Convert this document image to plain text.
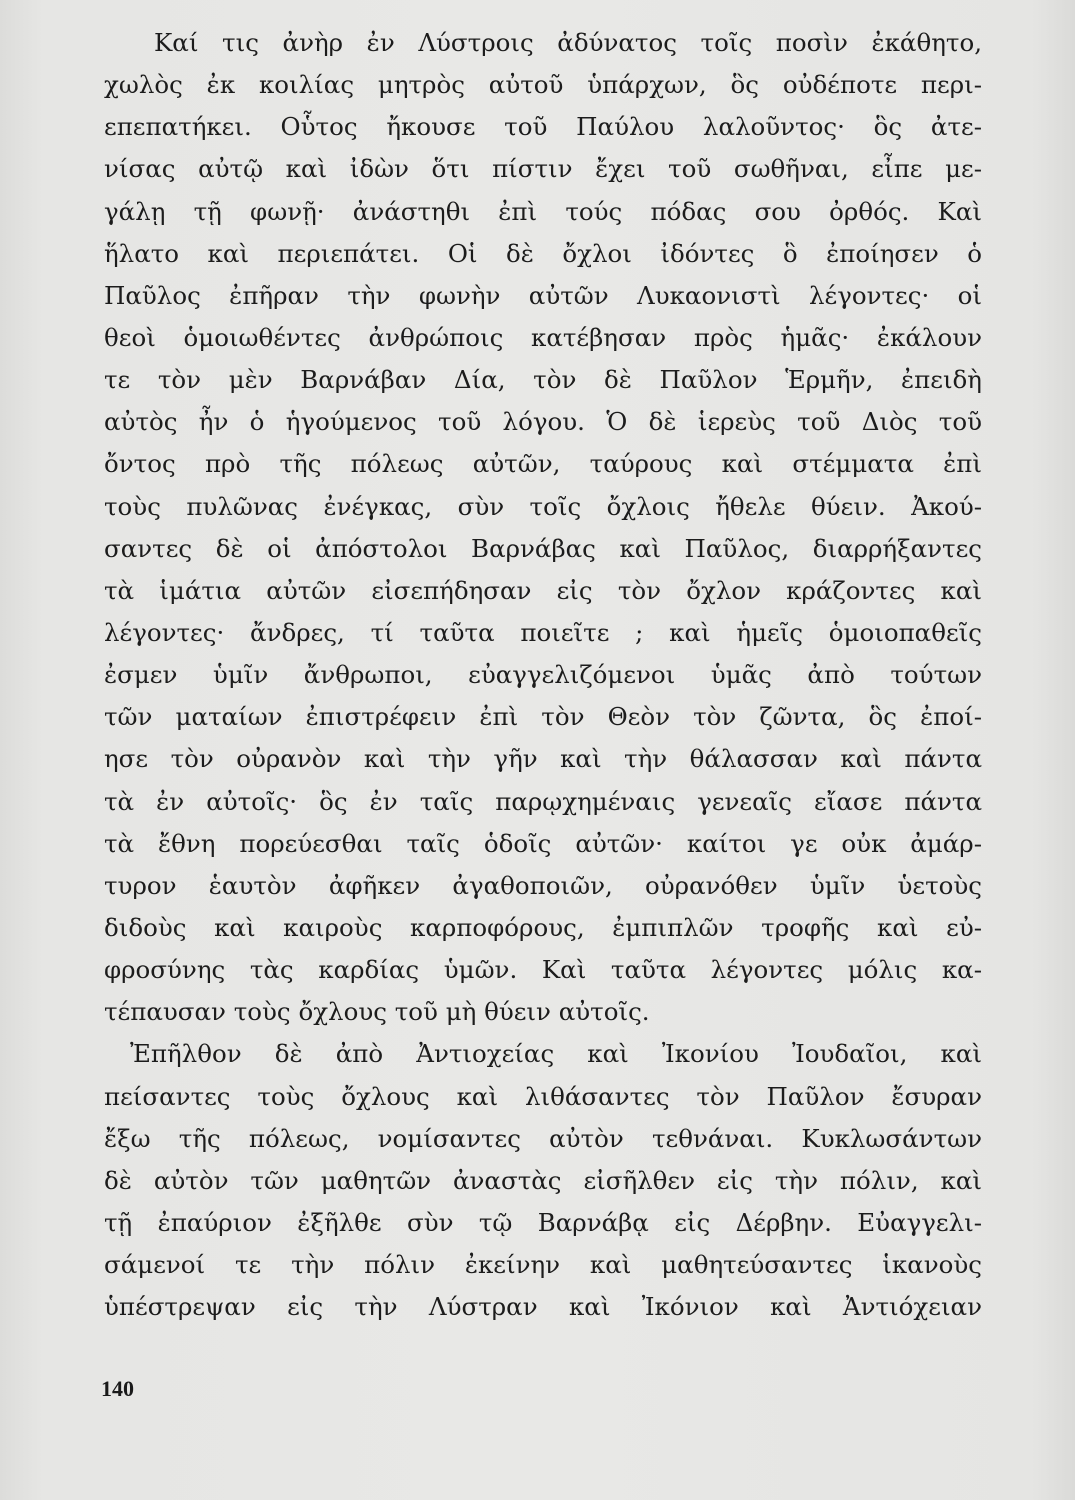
Καί τις ἀνὴρ ἐν Λύστροις ἀδύνατος τοῖς ποσὶν ἐκάθητο,
χωλὸς ἐκ κοιλίας μητρὸς αὐτοῦ ὑπάρχων, ὃς οὐδέποτε περι-
επεπατήκει. Οὗτος ἤκουσε τοῦ Παύλου λαλοῦντος· ὃς ἀτε-
νίσας αὐτῷ καὶ ἰδὼν ὅτι πίστιν ἔχει τοῦ σωθῆναι, εἶπε με-
γάλῃ τῇ φωνῇ· ἀνάστηθι ἐπὶ τούς πόδας σου ὀρθός. Καὶ
ἥλατο καὶ περιεπάτει. Οἱ δὲ ὄχλοι ἰδόντες ὃ ἐποίησεν ὁ
Παῦλος ἐπῆραν τὴν φωνὴν αὐτῶν Λυκαονιστὶ λέγοντες· οἱ
θεοὶ ὁμοιωθέντες ἀνθρώποις κατέβησαν πρὸς ἡμᾶς· ἐκάλουν
τε τὸν μὲν Βαρνάβαν Δία, τὸν δὲ Παῦλον Ἑρμῆν, ἐπειδὴ
αὐτὸς ἦν ὁ ἡγούμενος τοῦ λόγου. Ὁ δὲ ἱερεὺς τοῦ Διὸς τοῦ
ὄντος πρὸ τῆς πόλεως αὐτῶν, ταύρους καὶ στέμματα ἐπὶ
τοὺς πυλῶνας ἐνέγκας, σὺν τοῖς ὄχλοις ἤθελε θύειν. Ἀκού-
σαντες δὲ οἱ ἀπόστολοι Βαρνάβας καὶ Παῦλος, διαρρήξαντες
τὰ ἱμάτια αὐτῶν εἰσεπήδησαν εἰς τὸν ὄχλον κράζοντες καὶ
λέγοντες· ἄνδρες, τί ταῦτα ποιεῖτε ; καὶ ἡμεῖς ὁμοιοπαθεῖς
ἐσμεν ὑμῖν ἄνθρωποι, εὐαγγελιζόμενοι ὑμᾶς ἀπὸ τούτων
τῶν ματαίων ἐπιστρέφειν ἐπὶ τὸν Θεὸν τὸν ζῶντα, ὃς ἐποί-
ησε τὸν οὐρανὸν καὶ τὴν γῆν καὶ τὴν θάλασσαν καὶ πάντα
τὰ ἐν αὐτοῖς· ὃς ἐν ταῖς παρῳχημέναις γενεαῖς εἴασε πάντα
τὰ ἔθνη πορεύεσθαι ταῖς ὁδοῖς αὐτῶν· καίτοι γε οὐκ ἀμάρ-
τυρον ἑαυτὸν ἀφῆκεν ἀγαθοποιῶν, οὐρανόθεν ὑμῖν ὑετοὺς
διδοὺς καὶ καιροὺς καρποφόρους, ἐμπιπλῶν τροφῆς καὶ εὐ-
φροσύνης τὰς καρδίας ὑμῶν. Καὶ ταῦτα λέγοντες μόλις κα-
τέπαυσαν τοὺς ὄχλους τοῦ μὴ θύειν αὐτοῖς.
Ἐπῆλθον δὲ ἀπὸ Ἀντιοχείας καὶ Ἰκονίου Ἰουδαῖοι, καὶ
πείσαντες τοὺς ὄχλους καὶ λιθάσαντες τὸν Παῦλον ἔσυραν
ἔξω τῆς πόλεως, νομίσαντες αὐτὸν τεθνάναι. Κυκλωσάντων
δὲ αὐτὸν τῶν μαθητῶν ἀναστὰς εἰσῆλθεν εἰς τὴν πόλιν, καὶ
τῇ ἐπαύριον ἐξῆλθε σὺν τῷ Βαρνάβᾳ εἰς Δέρβην. Εὐαγγελι-
σάμενοί τε τὴν πόλιν ἐκείνην καὶ μαθητεύσαντες ἱκανοὺς
ὑπέστρεψαν εἰς τὴν Λύστραν καὶ Ἰκόνιον καὶ Ἀντιόχειαν
140
